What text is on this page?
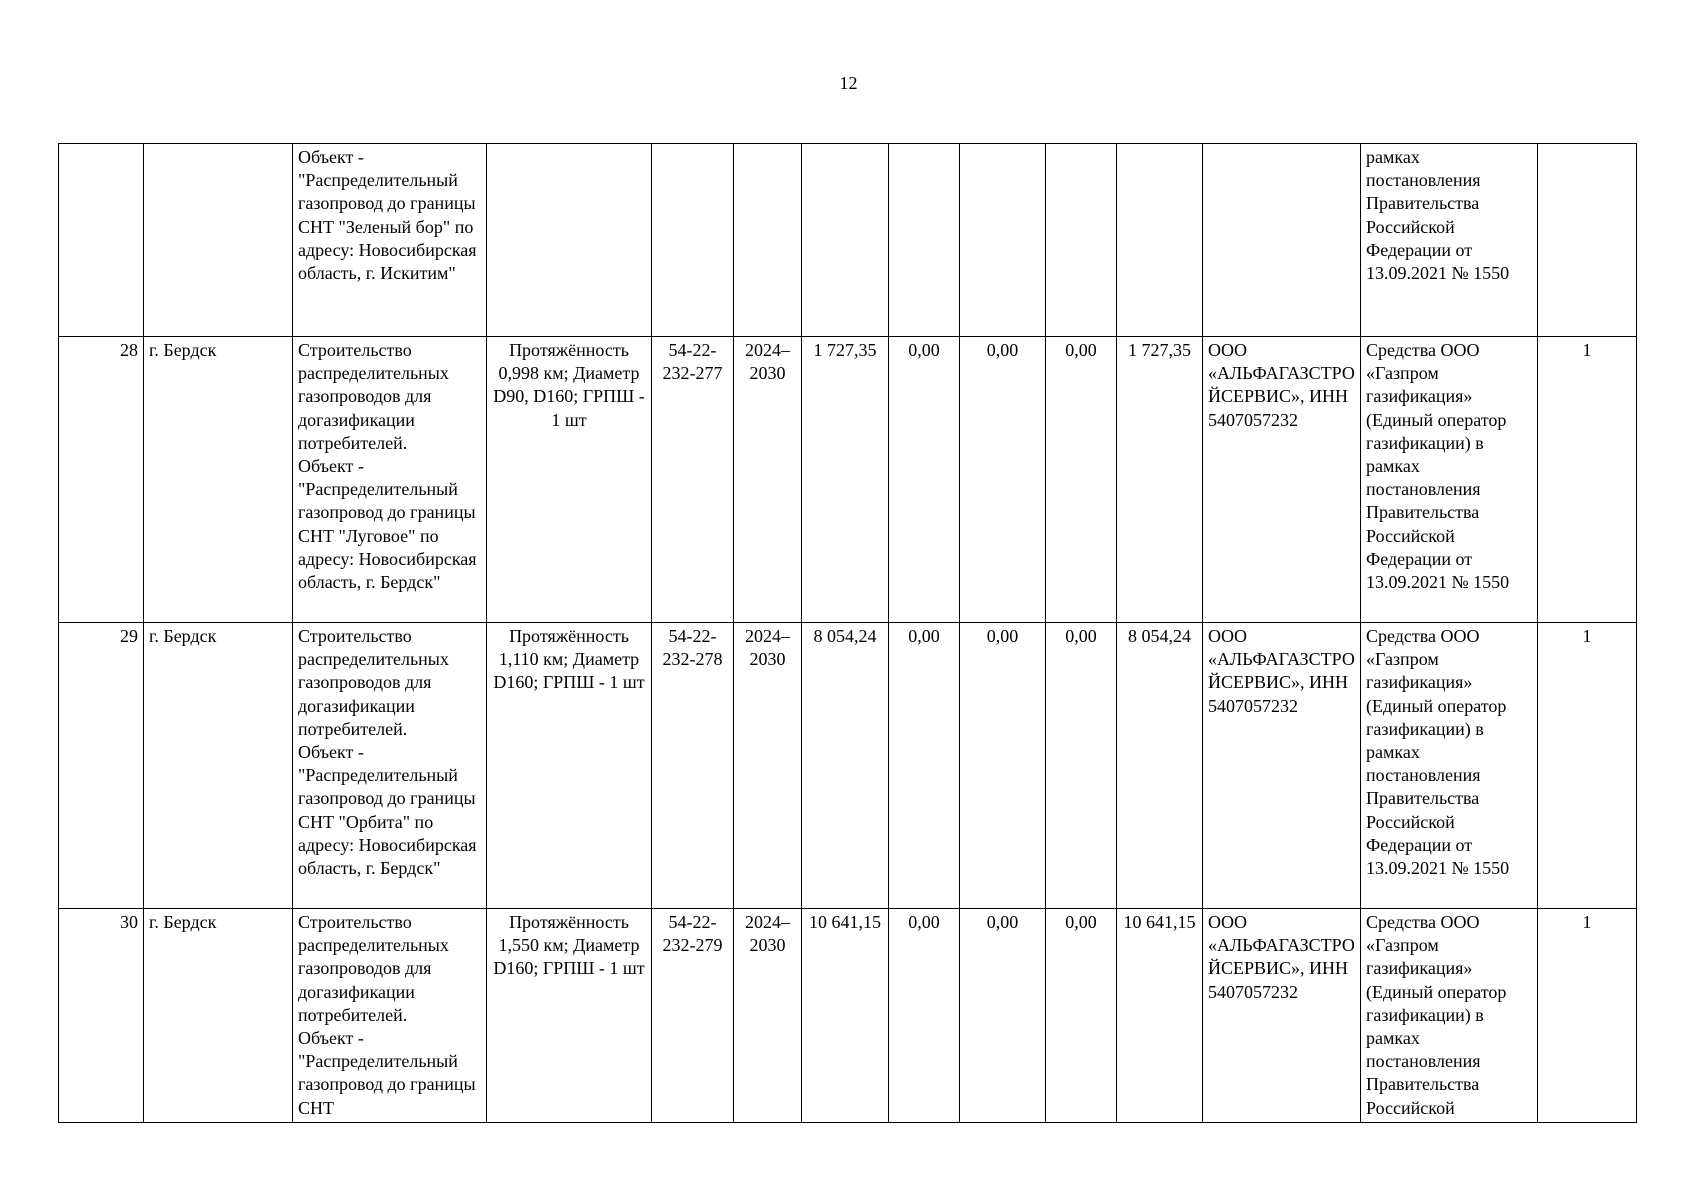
12
		Объект -
"Распределительный газопровод до границы СНТ "Зеленый бор" по адресу: Новосибирская область, г. Искитим"										рамках постановления Правительства Российской Федерации от 13.09.2021 № 1550	
28	г. Бердск	Строительство распределительных газопроводов для догазификации потребителей.
Объект -
"Распределительный газопровод до границы СНТ "Луговое" по адресу: Новосибирская область, г. Бердск"	Протяжённость 0,998 км; Диаметр D90, D160; ГРПШ - 1 шт	54-22-232-277	2024–2030	1 727,35	0,00	0,00	0,00	1 727,35	ООО «АЛЬФАГАЗСТРОЙСЕРВИС», ИНН 5407057232	Средства ООО «Газпром газификация» (Единый оператор газификации) в рамках постановления Правительства Российской Федерации от 13.09.2021 № 1550	1
29	г. Бердск	Строительство распределительных газопроводов для догазификации потребителей.
Объект -
"Распределительный газопровод до границы СНТ "Орбита" по адресу: Новосибирская область, г. Бердск"	Протяжённость 1,110 км; Диаметр D160; ГРПШ - 1 шт	54-22-232-278	2024–2030	8 054,24	0,00	0,00	0,00	8 054,24	ООО «АЛЬФАГАЗСТРОЙСЕРВИС», ИНН 5407057232	Средства ООО «Газпром газификация» (Единый оператор газификации) в рамках постановления Правительства Российской Федерации от 13.09.2021 № 1550	1
30	г. Бердск	Строительство распределительных газопроводов для догазификации потребителей.
Объект -
"Распределительный газопровод до границы СНТ	Протяжённость 1,550 км; Диаметр D160; ГРПШ - 1 шт	54-22-232-279	2024–2030	10 641,15	0,00	0,00	0,00	10 641,15	ООО «АЛЬФАГАЗСТРОЙСЕРВИС», ИНН 5407057232	Средства ООО «Газпром газификация» (Единый оператор газификации) в рамках постановления Правительства Российской	1
